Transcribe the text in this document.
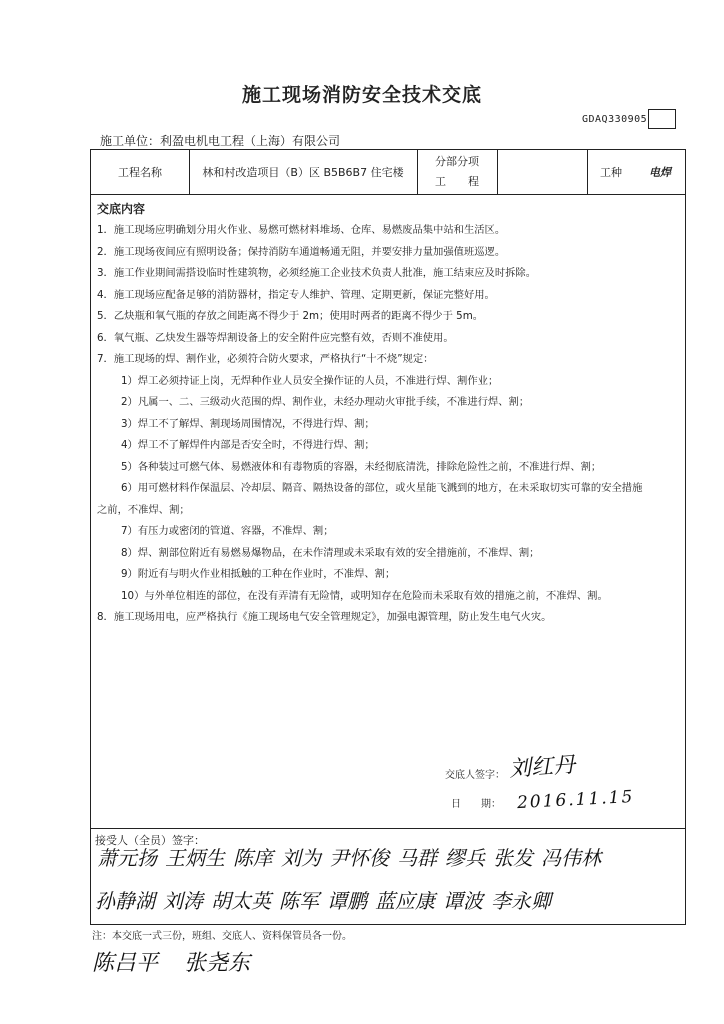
施工现场消防安全技术交底
GDAQ330905
施工单位：利盈电机电工程（上海）有限公司
工程名称	林和村改造项目（B）区 B5B6B7 住宅楼
分部分项
工　　程
工种	电焊
交底内容
1．施工现场应明确划分用火作业、易燃可燃材料堆场、仓库、易燃废品集中站和生活区。
2．施工现场夜间应有照明设备；保持消防车通道畅通无阻，并要安排力量加强值班巡逻。
3．施工作业期间需搭设临时性建筑物，必须经施工企业技术负责人批准，施工结束应及时拆除。
4．施工现场应配备足够的消防器材，指定专人维护、管理、定期更新，保证完整好用。
5．乙炔瓶和氧气瓶的存放之间距离不得少于 2m；使用时两者的距离不得少于 5m。
6．氧气瓶、乙炔发生器等焊割设备上的安全附件应完整有效，否则不准使用。
7．施工现场的焊、割作业，必须符合防火要求，严格执行“十不烧”规定：
1）焊工必须持证上岗，无焊种作业人员安全操作证的人员，不准进行焊、割作业；
2）凡属一、二、三级动火范围的焊、割作业，未经办理动火审批手续，不准进行焊、割；
3）焊工不了解焊、割现场周围情况，不得进行焊、割；
4）焊工不了解焊件内部是否安全时，不得进行焊、割；
5）各种装过可燃气体、易燃液体和有毒物质的容器，未经彻底清洗，排除危险性之前，不准进行焊、割；
6）用可燃材料作保温层、冷却层、隔音、隔热设备的部位，或火星能飞溅到的地方，在未采取切实可靠的安全措施
之前，不准焊、割；
7）有压力或密闭的管道、容器，不准焊、割；
8）焊、割部位附近有易燃易爆物品，在未作清理或未采取有效的安全措施前，不准焊、割；
9）附近有与明火作业相抵触的工种在作业时，不准焊、割；
10）与外单位相连的部位，在没有弄清有无险情，或明知存在危险而未采取有效的措施之前，不准焊、割。
8．施工现场用电，应严格执行《施工现场电气安全管理规定》，加强电源管理，防止发生电气火灾。
交底人签字： 刘红丹
日　　期： 2016.11.15
接受人（全员）签字：
萧元扬 王炳生 陈庠 刘为 尹怀俊 马群 缪兵 张发 冯伟林
孙静湖 刘涛 胡太英 陈军 谭鹏 蓝应康 谭波 李永卿
注：本交底一式三份，班组、交底人、资料保管员各一份。
陈吕平 张尧东
